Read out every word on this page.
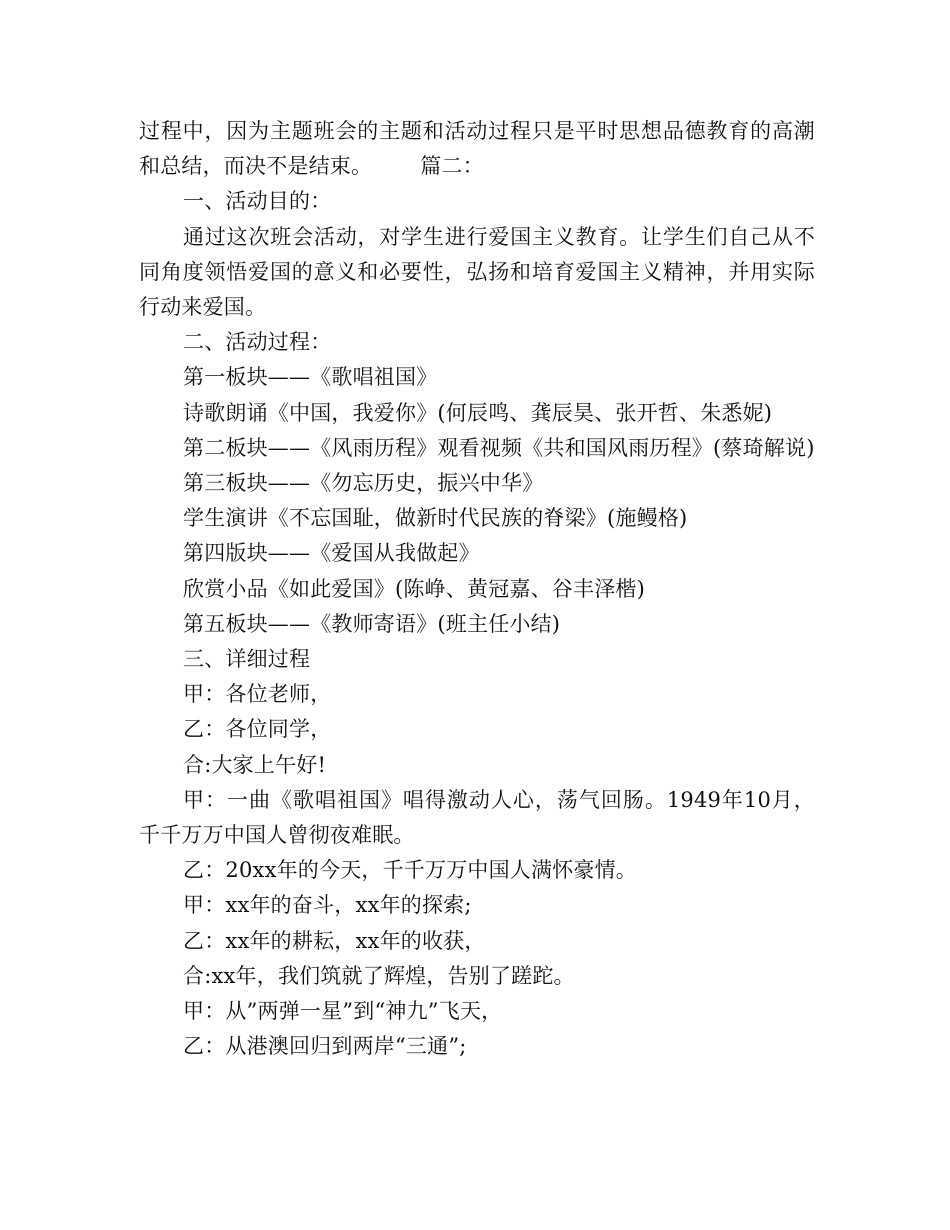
过程中，因为主题班会的主题和活动过程只是平时思想品德教育的高潮和总结，而决不是结束。 篇二：

一、活动目的：

通过这次班会活动，对学生进行爱国主义教育。让学生们自己从不同角度领悟爱国的意义和必要性，弘扬和培育爱国主义精神，并用实际行动来爱国。

二、活动过程：

第一板块——《歌唱祖国》

诗歌朗诵《中国，我爱你》(何辰鸣、龚辰昊、张开哲、朱悉妮)

第二板块——《风雨历程》观看视频《共和国风雨历程》(蔡琦解说)

第三板块——《勿忘历史，振兴中华》

学生演讲《不忘国耻，做新时代民族的脊梁》(施鳗格)

第四版块——《爱国从我做起》

欣赏小品《如此爱国》(陈峥、黄冠嘉、谷丰泽楷)

第五板块——《教师寄语》(班主任小结)

三、详细过程

甲：各位老师，

乙：各位同学，

合:大家上午好!

甲：一曲《歌唱祖国》唱得激动人心，荡气回肠。1949年10月，千千万万中国人曾彻夜难眠。

乙：20xx年的今天，千千万万中国人满怀豪情。

甲：xx年的奋斗，xx年的探索;

乙：xx年的耕耘，xx年的收获，

合:xx年，我们筑就了辉煌，告别了蹉跎。

甲：从”两弹一星”到“神九”飞天，

乙：从港澳回归到两岸“三通”;
